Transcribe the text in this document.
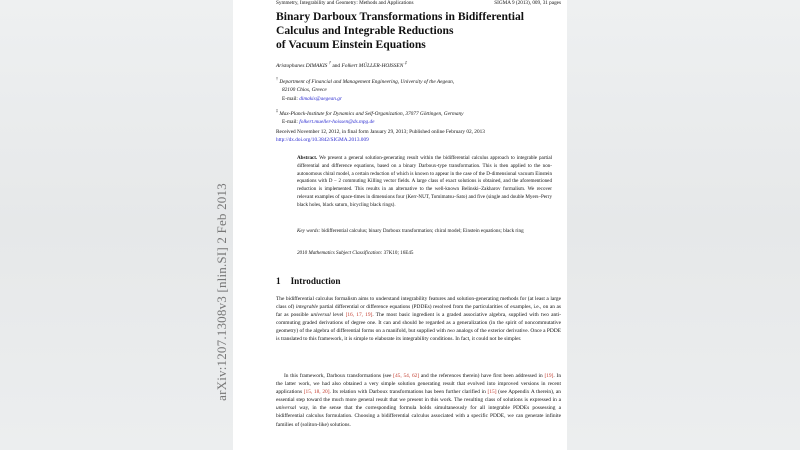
arXiv:1207.1308v3 [nlin.SI] 2 Feb 2013
Symmetry, Integrability and Geometry: Methods and Applications	SIGMA 9 (2013), 009, 31 pages
Binary Darboux Transformations in Bidifferential
Calculus and Integrable Reductions
of Vacuum Einstein Equations
Aristophanes DIMAKIS † and Folkert MÜLLER-HOISSEN ‡
† Department of Financial and Management Engineering, University of the Aegean,
82100 Chios, Greece
E-mail: dimakis@aegean.gr
‡ Max-Planck-Institute for Dynamics and Self-Organization, 37077 Göttingen, Germany
E-mail: folkert.mueller-hoissen@ds.mpg.de
Received November 12, 2012, in final form January 29, 2013; Published online February 02, 2013
http://dx.doi.org/10.3842/SIGMA.2013.009
Abstract. We present a general solution-generating result within the bidifferential calculus approach to integrable partial differential and difference equations, based on a binary Darboux-type transformation. This is then applied to the non-autonomous chiral model, a certain reduction of which is known to appear in the case of the D-dimensional vacuum Einstein equations with D − 2 commuting Killing vector fields. A large class of exact solutions is obtained, and the aforementioned reduction is implemented. This results in an alternative to the well-known Belinski–Zakharov formalism. We recover relevant examples of space-times in dimensions four (Kerr-NUT, Tomimatsu–Sato) and five (single and double Myers–Perry black holes, black saturn, bicycling black rings).
Key words: bidifferential calculus; binary Darboux transformation; chiral model; Einstein equations; black ring
2010 Mathematics Subject Classification: 37K10; 16E45
1 Introduction
The bidifferential calculus formalism aims to understand integrability features and solution-generating methods for (at least a large class of) integrable partial differential or difference equations (PDDEs) resolved from the particularities of examples, i.e., on an as far as possible universal level [16, 17, 19]. The most basic ingredient is a graded associative algebra, supplied with two anti-commuting graded derivations of degree one. It can and should be regarded as a generalization (in the spirit of noncommutative geometry) of the algebra of differential forms on a manifold, but supplied with two analogs of the exterior derivative. Once a PDDE is translated to this framework, it is simple to elaborate its integrability conditions. In fact, it could not be simpler.
In this framework, Darboux transformations (see [45, 54, 62] and the references therein) have first been addressed in [19]. In the latter work, we had also obtained a very simple solution generating result that evolved into improved versions in recent applications [15, 18, 20]. Its relation with Darboux transformations has been further clarified in [15] (see Appendix A therein), an essential step toward the much more general result that we present in this work. The resulting class of solutions is expressed in a universal way, in the sense that the corresponding formula holds simultaneously for all integrable PDDEs possessing a bidifferential calculus formulation. Choosing a bidifferential calculus associated with a specific PDDE, we can generate infinite families of (soliton-like) solutions.
